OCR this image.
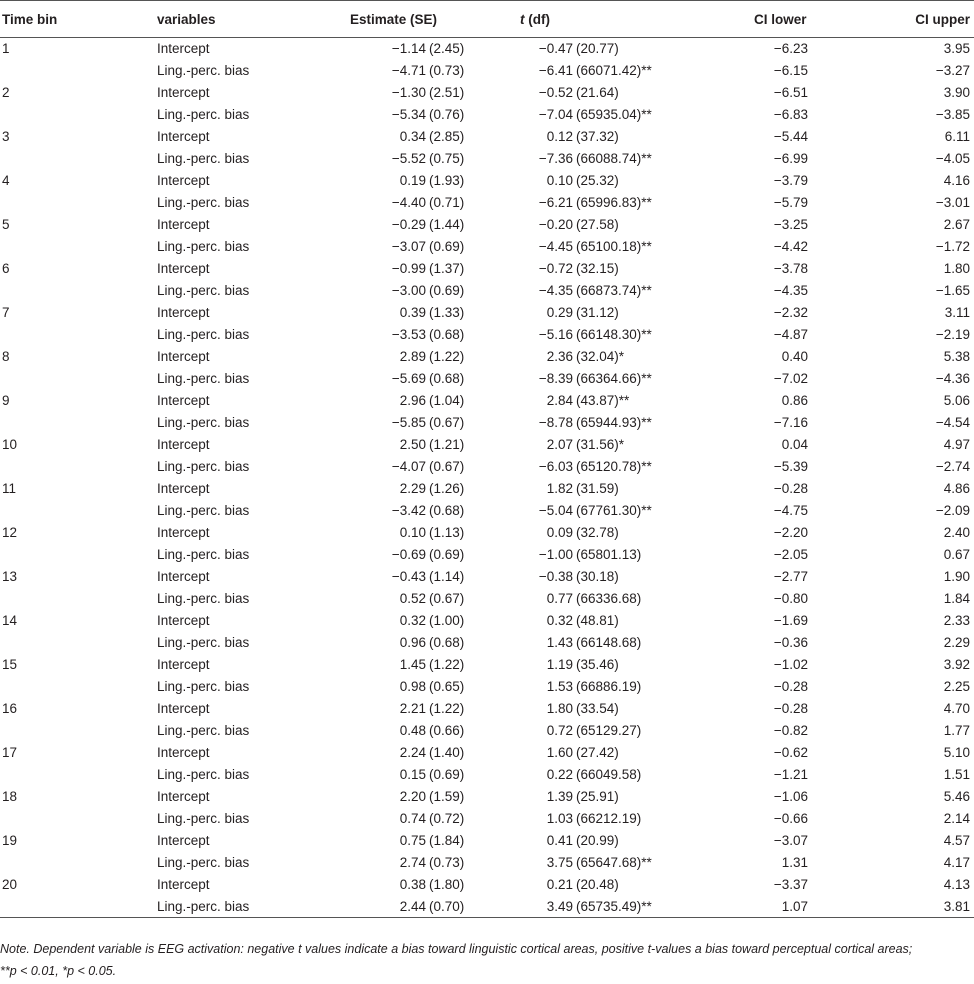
Time bin	variables	Estimate (SE)	t (df)	CI lower	CI upper
1	Intercept	−1.14 (2.45)	−0.47 (20.77)	−6.23	3.95
	Ling.-perc. bias	−4.71 (0.73)	−6.41 (66071.42)**	−6.15	−3.27
2	Intercept	−1.30 (2.51)	−0.52 (21.64)	−6.51	3.90
	Ling.-perc. bias	−5.34 (0.76)	−7.04 (65935.04)**	−6.83	−3.85
3	Intercept	0.34 (2.85)	0.12 (37.32)	−5.44	6.11
	Ling.-perc. bias	−5.52 (0.75)	−7.36 (66088.74)**	−6.99	−4.05
4	Intercept	0.19 (1.93)	0.10 (25.32)	−3.79	4.16
	Ling.-perc. bias	−4.40 (0.71)	−6.21 (65996.83)**	−5.79	−3.01
5	Intercept	−0.29 (1.44)	−0.20 (27.58)	−3.25	2.67
	Ling.-perc. bias	−3.07 (0.69)	−4.45 (65100.18)**	−4.42	−1.72
6	Intercept	−0.99 (1.37)	−0.72 (32.15)	−3.78	1.80
	Ling.-perc. bias	−3.00 (0.69)	−4.35 (66873.74)**	−4.35	−1.65
7	Intercept	0.39 (1.33)	0.29 (31.12)	−2.32	3.11
	Ling.-perc. bias	−3.53 (0.68)	−5.16 (66148.30)**	−4.87	−2.19
8	Intercept	2.89 (1.22)	2.36 (32.04)*	0.40	5.38
	Ling.-perc. bias	−5.69 (0.68)	−8.39 (66364.66)**	−7.02	−4.36
9	Intercept	2.96 (1.04)	2.84 (43.87)**	0.86	5.06
	Ling.-perc. bias	−5.85 (0.67)	−8.78 (65944.93)**	−7.16	−4.54
10	Intercept	2.50 (1.21)	2.07 (31.56)*	0.04	4.97
	Ling.-perc. bias	−4.07 (0.67)	−6.03 (65120.78)**	−5.39	−2.74
11	Intercept	2.29 (1.26)	1.82 (31.59)	−0.28	4.86
	Ling.-perc. bias	−3.42 (0.68)	−5.04 (67761.30)**	−4.75	−2.09
12	Intercept	0.10 (1.13)	0.09 (32.78)	−2.20	2.40
	Ling.-perc. bias	−0.69 (0.69)	−1.00 (65801.13)	−2.05	0.67
13	Intercept	−0.43 (1.14)	−0.38 (30.18)	−2.77	1.90
	Ling.-perc. bias	0.52 (0.67)	0.77 (66336.68)	−0.80	1.84
14	Intercept	0.32 (1.00)	0.32 (48.81)	−1.69	2.33
	Ling.-perc. bias	0.96 (0.68)	1.43 (66148.68)	−0.36	2.29
15	Intercept	1.45 (1.22)	1.19 (35.46)	−1.02	3.92
	Ling.-perc. bias	0.98 (0.65)	1.53 (66886.19)	−0.28	2.25
16	Intercept	2.21 (1.22)	1.80 (33.54)	−0.28	4.70
	Ling.-perc. bias	0.48 (0.66)	0.72 (65129.27)	−0.82	1.77
17	Intercept	2.24 (1.40)	1.60 (27.42)	−0.62	5.10
	Ling.-perc. bias	0.15 (0.69)	0.22 (66049.58)	−1.21	1.51
18	Intercept	2.20 (1.59)	1.39 (25.91)	−1.06	5.46
	Ling.-perc. bias	0.74 (0.72)	1.03 (66212.19)	−0.66	2.14
19	Intercept	0.75 (1.84)	0.41 (20.99)	−3.07	4.57
	Ling.-perc. bias	2.74 (0.73)	3.75 (65647.68)**	1.31	4.17
20	Intercept	0.38 (1.80)	0.21 (20.48)	−3.37	4.13
	Ling.-perc. bias	2.44 (0.70)	3.49 (65735.49)**	1.07	3.81
Note. Dependent variable is EEG activation: negative t values indicate a bias toward linguistic cortical areas, positive t-values a bias toward perceptual cortical areas;
**p < 0.01, *p < 0.05.
